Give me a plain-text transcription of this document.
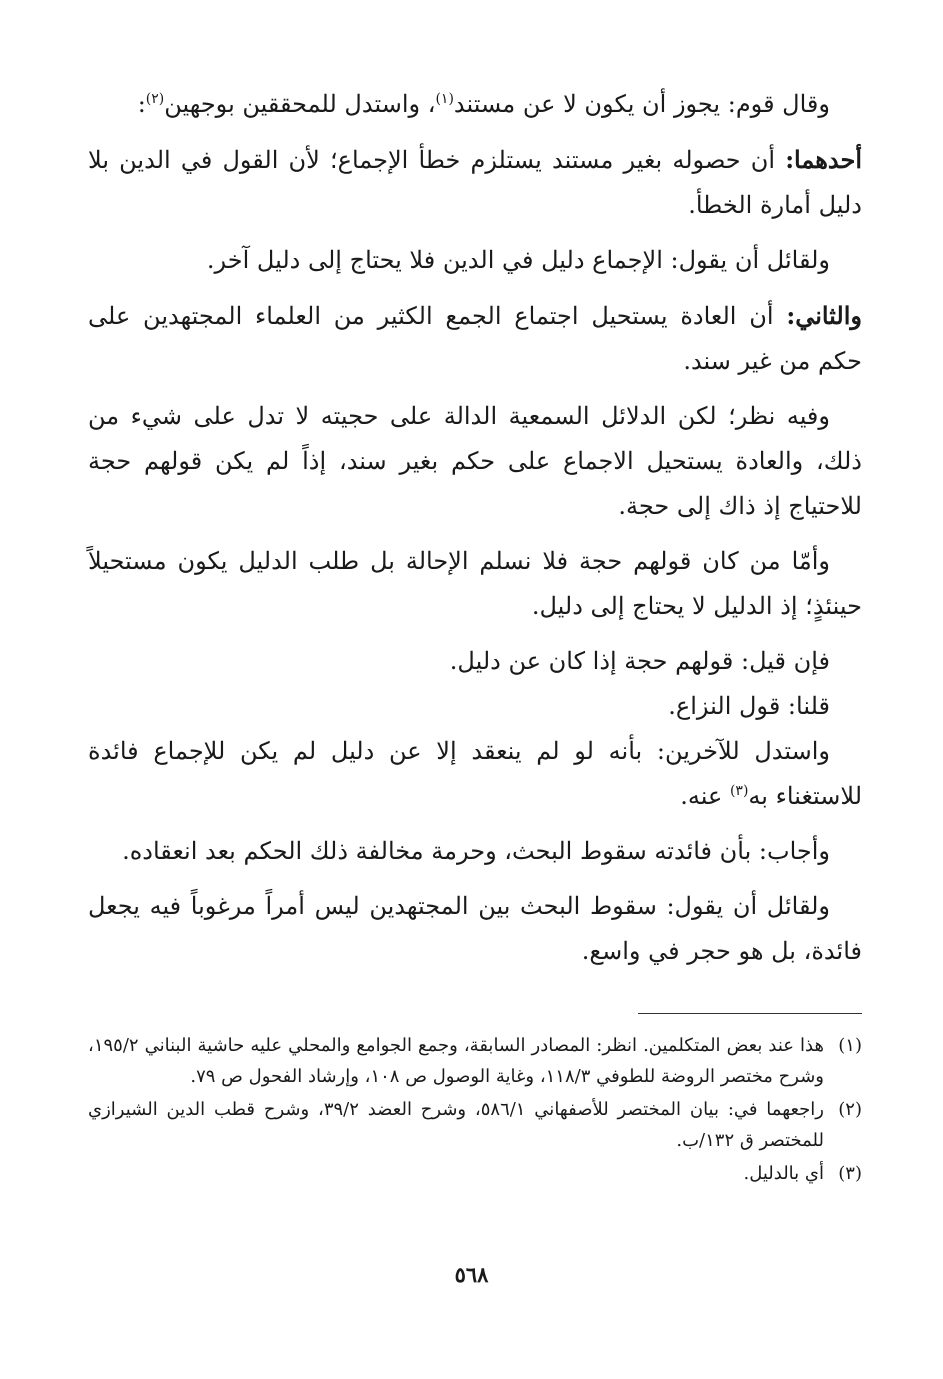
وقال قوم: يجوز أن يكون لا عن مستند$^{(١)}$، واستدل للمحققين بوجهين$^{(٢)}$:

أحدهما: أن حصوله بغير مستند يستلزم خطأ الإجماع؛ لأن القول في الدين بلا دليل أمارة الخطأ.

ولقائل أن يقول: الإجماع دليل في الدين فلا يحتاج إلى دليل آخر.

والثاني: أن العادة يستحيل اجتماع الجمع الكثير من العلماء المجتهدين على حكم من غير سند.

وفيه نظر؛ لكن الدلائل السمعية الدالة على حجيته لا تدل على شيء من ذلك، والعادة يستحيل الاجماع على حكم بغير سند، إذاً لم يكن قولهم حجة للاحتياج إذ ذاك إلى حجة.

وأمّا من كان قولهم حجة فلا نسلم الإحالة بل طلب الدليل يكون مستحيلاً حينئذٍ؛ إذ الدليل لا يحتاج إلى دليل.

فإن قيل: قولهم حجة إذا كان عن دليل.

قلنا: قول النزاع.

واستدل للآخرين: بأنه لو لم ينعقد إلا عن دليل لم يكن للإجماع فائدة للاستغناء به$^{(٣)}$ عنه.

وأجاب: بأن فائدته سقوط البحث، وحرمة مخالفة ذلك الحكم بعد انعقاده.

ولقائل أن يقول: سقوط البحث بين المجتهدين ليس أمراً مرغوباً فيه يجعل فائدة، بل هو حجر في واسع.

(١)
هذا عند بعض المتكلمين. انظر: المصادر السابقة، وجمع الجوامع والمحلي عليه حاشية البناني ١٩٥/٢، وشرح مختصر الروضة للطوفي ١١٨/٣، وغاية الوصول ص ١٠٨، وإرشاد الفحول ص ٧٩.
(٢)
راجعهما في: بيان المختصر للأصفهاني ٥٨٦/١، وشرح العضد ٣٩/٢، وشرح قطب الدين الشيرازي للمختصر ق ١٣٢/ب.
(٣)
أي بالدليل.
٥٦٨
